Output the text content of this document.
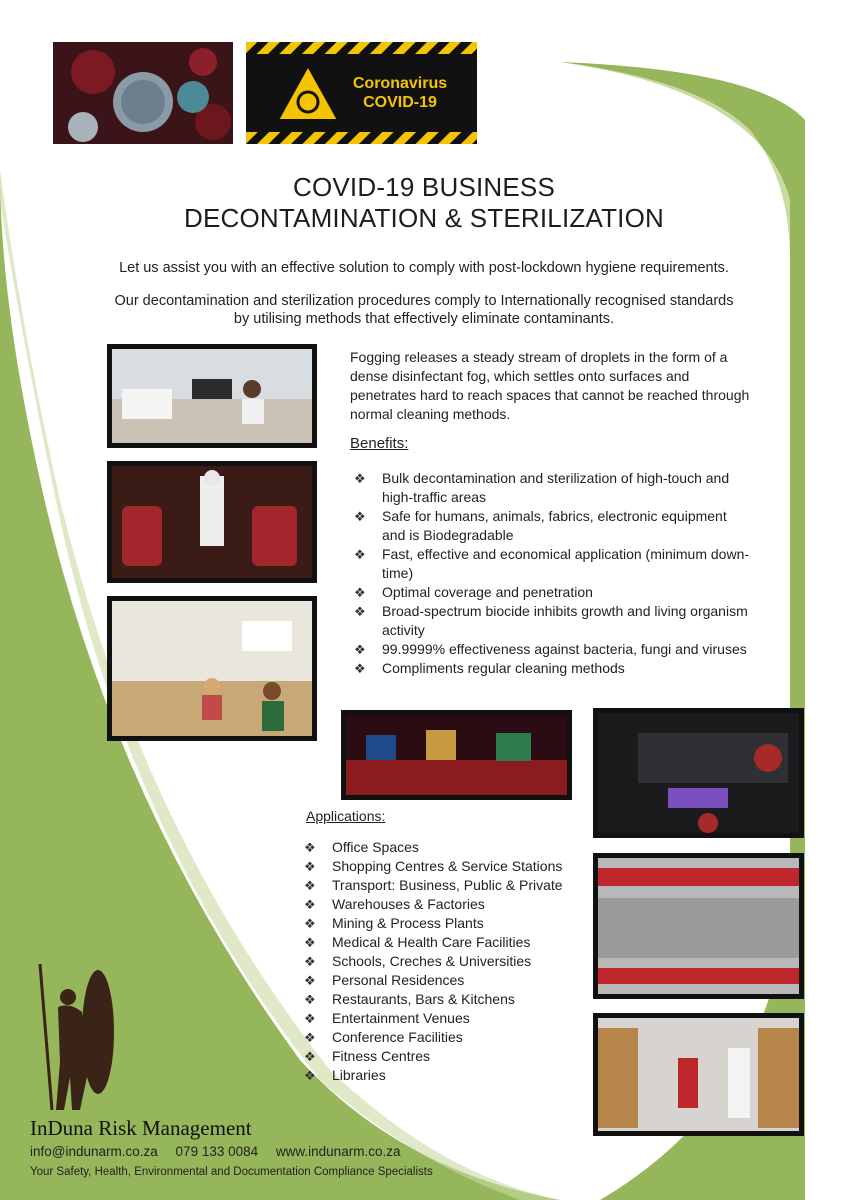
Coronavirus
COVID-19
COVID-19 BUSINESS
DECONTAMINATION & STERILIZATION
Let us assist you with an effective solution to comply with post-lockdown hygiene requirements.
Our decontamination and sterilization procedures comply to Internationally recognised standards
by utilising methods that effectively eliminate contaminants.
Fogging releases a steady stream of droplets in the form of a dense disinfectant fog, which settles onto surfaces and penetrates hard to reach spaces that cannot be reached through normal cleaning methods.
Benefits:
❖ Bulk decontamination and sterilization of high-touch and high-traffic areas
❖ Safe for humans, animals, fabrics, electronic equipment and is Biodegradable
❖ Fast, effective and economical application (minimum down-time)
❖ Optimal coverage and penetration
❖ Broad-spectrum biocide inhibits growth and living organism activity
❖ 99.9999% effectiveness against bacteria, fungi and viruses
❖ Compliments regular cleaning methods
Applications:
❖ Office Spaces
❖ Shopping Centres & Service Stations
❖ Transport: Business, Public & Private
❖ Warehouses & Factories
❖ Mining & Process Plants
❖ Medical & Health Care Facilities
❖ Schools, Creches & Universities
❖ Personal Residences
❖ Restaurants, Bars & Kitchens
❖ Entertainment Venues
❖ Conference Facilities
❖ Fitness Centres
❖ Libraries
InDuna Risk Management
info@indunarm.co.za 079 133 0084 www.indunarm.co.za
Your Safety, Health, Environmental and Documentation Compliance Specialists
